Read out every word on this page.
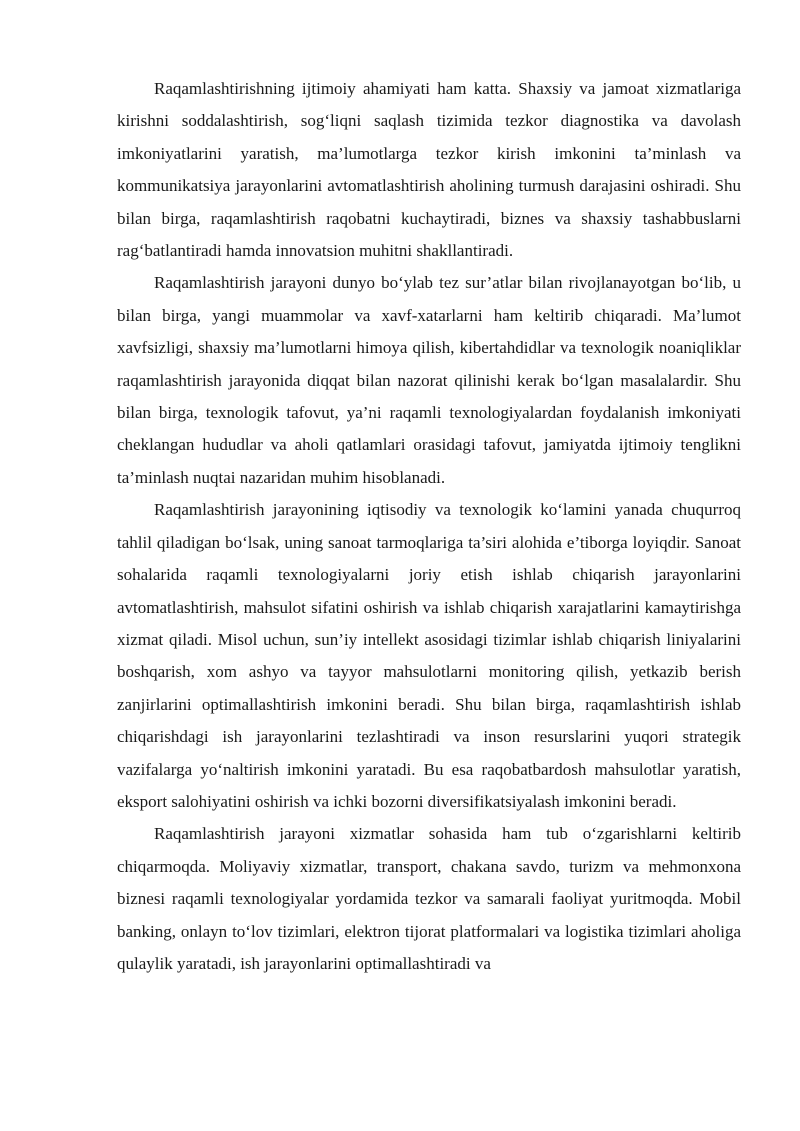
Raqamlashtirishning ijtimoiy ahamiyati ham katta. Shaxsiy va jamoat xizmatlariga kirishni soddalashtirish, sog‘liqni saqlash tizimida tezkor diagnostika va davolash imkoniyatlarini yaratish, ma’lumotlarga tezkor kirish imkonini ta’minlash va kommunikatsiya jarayonlarini avtomatlashtirish aholining turmush darajasini oshiradi. Shu bilan birga, raqamlashtirish raqobatni kuchaytiradi, biznes va shaxsiy tashabbuslarni rag‘batlantiradi hamda innovatsion muhitni shakllantiradi.

Raqamlashtirish jarayoni dunyo bo‘ylab tez sur’atlar bilan rivojlanayotgan bo‘lib, u bilan birga, yangi muammolar va xavf-xatarlarni ham keltirib chiqaradi. Ma’lumot xavfsizligi, shaxsiy ma’lumotlarni himoya qilish, kibertahdidlar va texnologik noaniqliklar raqamlashtirish jarayonida diqqat bilan nazorat qilinishi kerak bo‘lgan masalalardir. Shu bilan birga, texnologik tafovut, ya’ni raqamli texnologiyalardan foydalanish imkoniyati cheklangan hududlar va aholi qatlamlari orasidagi tafovut, jamiyatda ijtimoiy tenglikni ta’minlash nuqtai nazaridan muhim hisoblanadi.

Raqamlashtirish jarayonining iqtisodiy va texnologik ko‘lamini yanada chuqurroq tahlil qiladigan bo‘lsak, uning sanoat tarmoqlariga ta’siri alohida e’tiborga loyiqdir. Sanoat sohalarida raqamli texnologiyalarni joriy etish ishlab chiqarish jarayonlarini avtomatlashtirish, mahsulot sifatini oshirish va ishlab chiqarish xarajatlarini kamaytirishga xizmat qiladi. Misol uchun, sun’iy intellekt asosidagi tizimlar ishlab chiqarish liniyalarini boshqarish, xom ashyo va tayyor mahsulotlarni monitoring qilish, yetkazib berish zanjirlarini optimallashtirish imkonini beradi. Shu bilan birga, raqamlashtirish ishlab chiqarishdagi ish jarayonlarini tezlashtiradi va inson resurslarini yuqori strategik vazifalarga yo‘naltirish imkonini yaratadi. Bu esa raqobatbardosh mahsulotlar yaratish, eksport salohiyatini oshirish va ichki bozorni diversifikatsiyalash imkonini beradi.

Raqamlashtirish jarayoni xizmatlar sohasida ham tub o‘zgarishlarni keltirib chiqarmoqda. Moliyaviy xizmatlar, transport, chakana savdo, turizm va mehmonxona biznesi raqamli texnologiyalar yordamida tezkor va samarali faoliyat yuritmoqda. Mobil banking, onlayn to‘lov tizimlari, elektron tijorat platformalari va logistika tizimlari aholiga qulaylik yaratadi, ish jarayonlarini optimallashtiradi va
